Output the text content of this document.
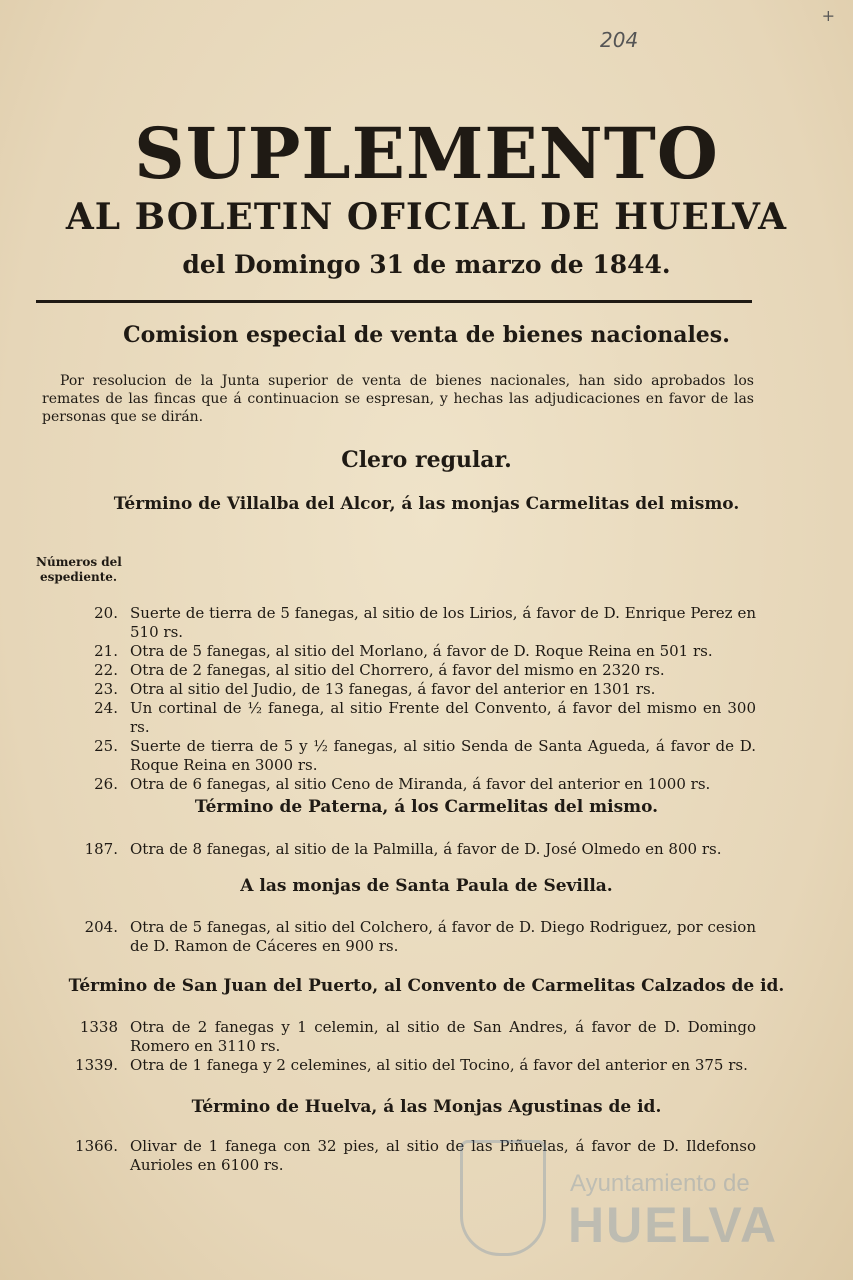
+
204
SUPLEMENTO
AL BOLETIN OFICIAL DE HUELVA
del Domingo 31 de marzo de 1844.
Comision especial de venta de bienes nacionales.

Por resolucion de la Junta superior de venta de bienes nacionales, han sido aprobados los remates de las fincas que á continuacion se espresan, y hechas las adjudicaciones en favor de las personas que se dirán.

Clero regular.
Término de Villalba del Alcor, á las monjas Carmelitas del mismo.
Números del
espediente.
20. Suerte de tierra de 5 fanegas, al sitio de los Lirios, á favor de D. Enrique Perez en 510 rs.
21. Otra de 5 fanegas, al sitio del Morlano, á favor de D. Roque Reina en 501 rs.
22. Otra de 2 fanegas, al sitio del Chorrero, á favor del mismo en 2320 rs.
23. Otra al sitio del Judio, de 13 fanegas, á favor del anterior en 1301 rs.
24. Un cortinal de ½ fanega, al sitio Frente del Convento, á favor del mismo en 300 rs.
25. Suerte de tierra de 5 y ½ fanegas, al sitio Senda de Santa Agueda, á favor de D. Roque Reina en 3000 rs.
26. Otra de 6 fanegas, al sitio Ceno de Miranda, á favor del anterior en 1000 rs.
Término de Paterna, á los Carmelitas del mismo.
187. Otra de 8 fanegas, al sitio de la Palmilla, á favor de D. José Olmedo en 800 rs.
A las monjas de Santa Paula de Sevilla.
204. Otra de 5 fanegas, al sitio del Colchero, á favor de D. Diego Rodriguez, por cesion de D. Ramon de Cáceres en 900 rs.
Término de San Juan del Puerto, al Convento de Carmelitas Calzados de id.
1338 Otra de 2 fanegas y 1 celemin, al sitio de San Andres, á favor de D. Domingo Romero en 3110 rs.
1339. Otra de 1 fanega y 2 celemines, al sitio del Tocino, á favor del anterior en 375 rs.
Término de Huelva, á las Monjas Agustinas de id.
1366. Olivar de 1 fanega con 32 pies, al sitio de las Piñuelas, á favor de D. Ildefonso Aurioles en 6100 rs.
Ayuntamiento de
HUELVA
